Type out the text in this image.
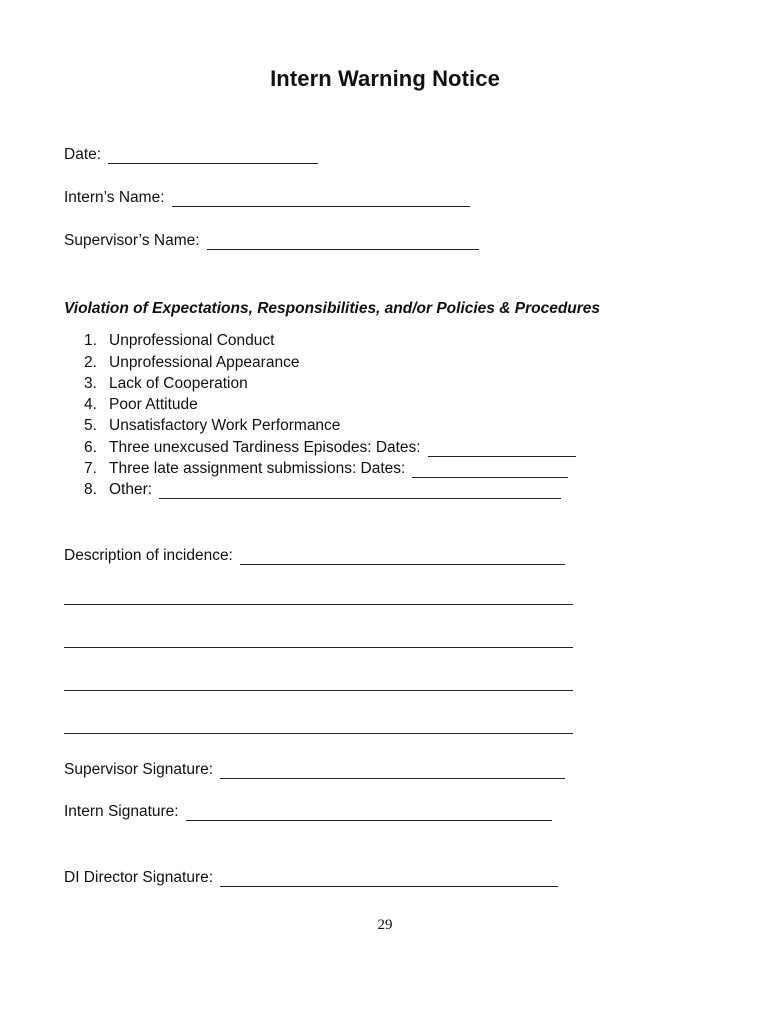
Intern Warning Notice
Date:
Intern’s Name:
Supervisor’s Name:
Violation of Expectations, Responsibilities, and/or Policies & Procedures
1. Unprofessional Conduct
2. Unprofessional Appearance
3. Lack of Cooperation
4. Poor Attitude
5. Unsatisfactory Work Performance
6. Three unexcused Tardiness Episodes: Dates:
7. Three late assignment submissions: Dates:
8. Other:
Description of incidence:
Supervisor Signature:
Intern Signature:
DI Director Signature:
29
